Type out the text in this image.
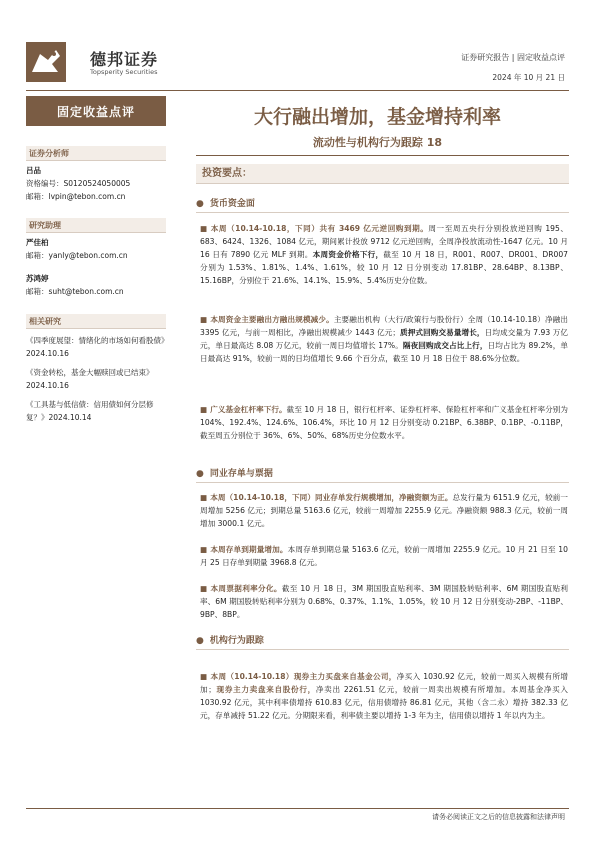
德邦证券
Topsperity Securities
证券研究报告 | 固定收益点评
2024 年 10 月 21 日
固定收益点评	大行融出增加，基金增持利率
流动性与机构行为跟踪 18
证券分析师
吕品
资格编号：S0120524050005
邮箱：lvpin@tebon.com.cn
研究助理
严佳柏
邮箱：yanly@tebon.com.cn
苏鸿婷
邮箱：suht@tebon.com.cn
相关研究
《四季度展望：情绪化的市场如何看股债》2024.10.16
《资金转松，基金大幅赎回或已结束》2024.10.16
《工具基与低信债：信用债如何分层修复？》2024.10.14
投资要点：
● 货币资金面
■ 本周（10.14-10.18，下同）共有 3469 亿元逆回购到期。周一至周五央行分别投放逆回购 195、683、6424、1326、1084 亿元，期间累计投放 9712 亿元逆回购，全周净投放流动性-1647 亿元。10 月 16 日有 7890 亿元 MLF 到期。本周资金价格下行，截至 10 月 18 日，R001、R007、DR001、DR007 分别为 1.53%、1.81%、1.4%、1.61%，较 10 月 12 日分别变动 17.81BP、28.64BP、8.13BP、15.16BP，分别位于 21.6%、14.1%、15.9%、5.4%历史分位数。
■ 本周资金主要融出方融出规模减少。主要融出机构（大行/政策行与股份行）全周（10.14-10.18）净融出 3395 亿元，与前一周相比，净融出规模减少 1443 亿元；质押式回购交易量增长，日均成交量为 7.93 万亿元，单日最高达 8.08 万亿元，较前一周日均值增长 17%。隔夜回购成交占比上行，日均占比为 89.2%，单日最高达 91%，较前一周的日均值增长 9.66 个百分点，截至 10 月 18 日位于 88.6%分位数。
■ 广义基金杠杆率下行。截至 10 月 18 日，银行杠杆率、证券杠杆率、保险杠杆率和广义基金杠杆率分别为 104%、192.4%、124.6%、106.4%，环比 10 月 12 日分别变动 0.21BP、6.38BP、0.1BP、-0.11BP，截至周五分别位于 36%、6%、50%、68%历史分位数水平。
● 同业存单与票据
■ 本周（10.14-10.18，下同）同业存单发行规模增加，净融资额为正。总发行量为 6151.9 亿元，较前一周增加 5256 亿元；到期总量 5163.6 亿元，较前一周增加 2255.9 亿元。净融资额 988.3 亿元，较前一周增加 3000.1 亿元。
■ 本周存单到期量增加。本周存单到期总量 5163.6 亿元，较前一周增加 2255.9 亿元。10 月 21 日至 10 月 25 日存单到期量 3968.8 亿元。
■ 本周票据利率分化。截至 10 月 18 日，3M 期国股直贴利率、3M 期国股转贴利率、6M 期国股直贴利率、6M 期国股转贴利率分别为 0.68%、0.37%、1.1%、1.05%，较 10 月 12 日分别变动-2BP、-11BP、9BP、8BP。
● 机构行为跟踪
■ 本周（10.14-10.18）现券主力买盘来自基金公司，净买入 1030.92 亿元，较前一周买入规模有所增加；现券主力卖盘来自股份行，净卖出 2261.51 亿元，较前一周卖出规模有所增加。本周基金净买入 1030.92 亿元，其中利率债增持 610.83 亿元，信用债增持 86.81 亿元，其他（含二永）增持 382.33 亿元，存单减持 51.22 亿元。分期限来看，利率债主要以增持 1-3 年为主，信用债以增持 1 年以内为主。
请务必阅读正文之后的信息披露和法律声明
